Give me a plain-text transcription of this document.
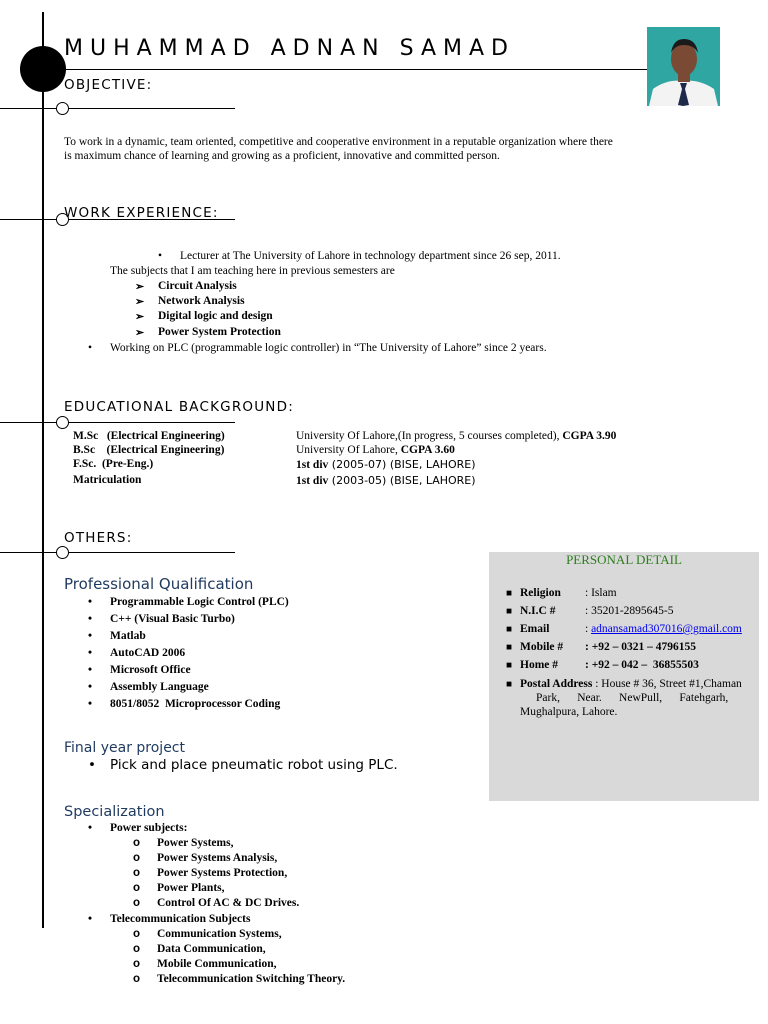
MUHAMMAD ADNAN SAMAD
OBJECTIVE:
To work in a dynamic, team oriented, competitive and cooperative environment in a reputable organization where there
is maximum chance of learning and growing as a proficient, innovative and committed person.
WORK EXPERIENCE:
• Lecturer at The University of Lahore in technology department since 26 sep, 2011.
The subjects that I am teaching here in previous semesters are
➢ Circuit Analysis
➢ Network Analysis
➢ Digital logic and design
➢ Power System Protection
• Working on PLC (programmable logic controller) in “The University of Lahore” since 2 years.
EDUCATIONAL BACKGROUND:
M.Sc   (Electrical Engineering)	University Of Lahore,(In progress, 5 courses completed), CGPA 3.90
B.Sc    (Electrical Engineering)	University Of Lahore, CGPA 3.60
F.Sc.  (Pre-Eng.)	1st div (2005-07) (BISE, LAHORE)
Matriculation	1st div (2003-05) (BISE, LAHORE)
OTHERS:
Professional Qualification
• Programmable Logic Control (PLC)
• C++ (Visual Basic Turbo)
• Matlab
• AutoCAD 2006
• Microsoft Office
• Assembly Language
• 8051/8052  Microprocessor Coding
Final year project
• Pick and place pneumatic robot using PLC.
Specialization
• Power subjects:
o Power Systems,
o Power Systems Analysis,
o Power Systems Protection,
o Power Plants,
o Control Of AC & DC Drives.
• Telecommunication Subjects
o Communication Systems,
o Data Communication,
o Mobile Communication,
o Telecommunication Switching Theory.
PERSONAL DETAIL
■ Religion : Islam
■ N.I.C #	: 35201-2895645-5
■ Email	: adnansamad307016@gmail.com
■ Mobile # : +92 – 0321 – 4796155
■ Home # : +92 – 042 –  36855503
■ Postal Address : House # 36, Street #1,Chaman
Park,      Near.      NewPull,      Fatehgarh,
Mughalpura, Lahore.
